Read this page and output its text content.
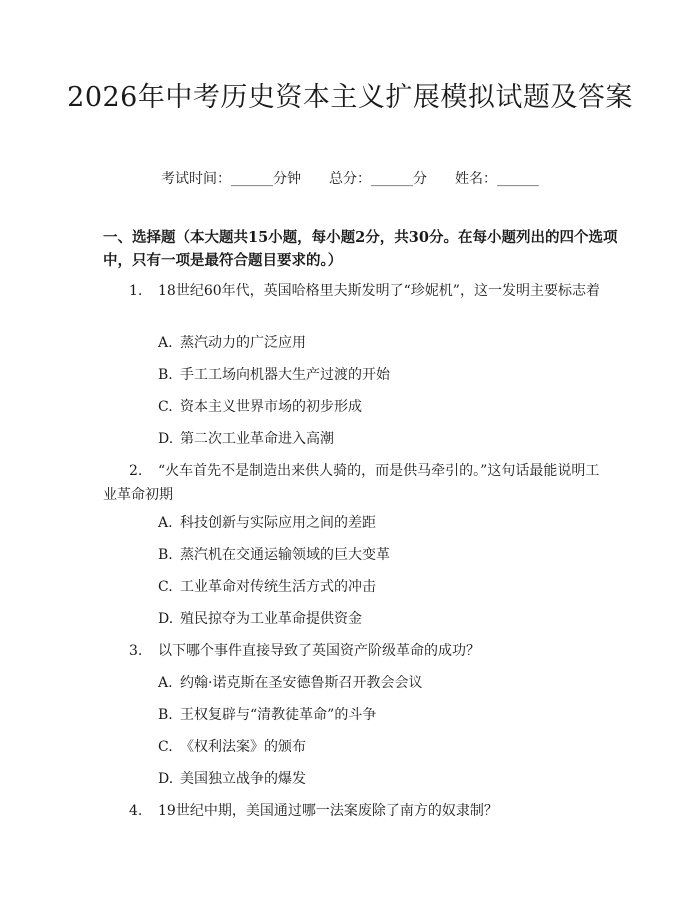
2026年中考历史资本主义扩展模拟试题及答案
考试时间：______分钟 总分：______分 姓名：______
一、选择题（本大题共15小题，每小题2分，共30分。在每小题列出的四个选项中，只有一项是最符合题目要求的。）
1. 18世纪60年代，英国哈格里夫斯发明了“珍妮机”，这一发明主要标志着
A. 蒸汽动力的广泛应用
B. 手工工场向机器大生产过渡的开始
C. 资本主义世界市场的初步形成
D. 第二次工业革命进入高潮
2. “火车首先不是制造出来供人骑的，而是供马牵引的。”这句话最能说明工业革命初期
A. 科技创新与实际应用之间的差距
B. 蒸汽机在交通运输领域的巨大变革
C. 工业革命对传统生活方式的冲击
D. 殖民掠夺为工业革命提供资金
3. 以下哪个事件直接导致了英国资产阶级革命的成功？
A. 约翰·诺克斯在圣安德鲁斯召开教会会议
B. 王权复辟与“清教徒革命”的斗争
C. 《权利法案》的颁布
D. 美国独立战争的爆发
4. 19世纪中期，美国通过哪一法案废除了南方的奴隶制？
